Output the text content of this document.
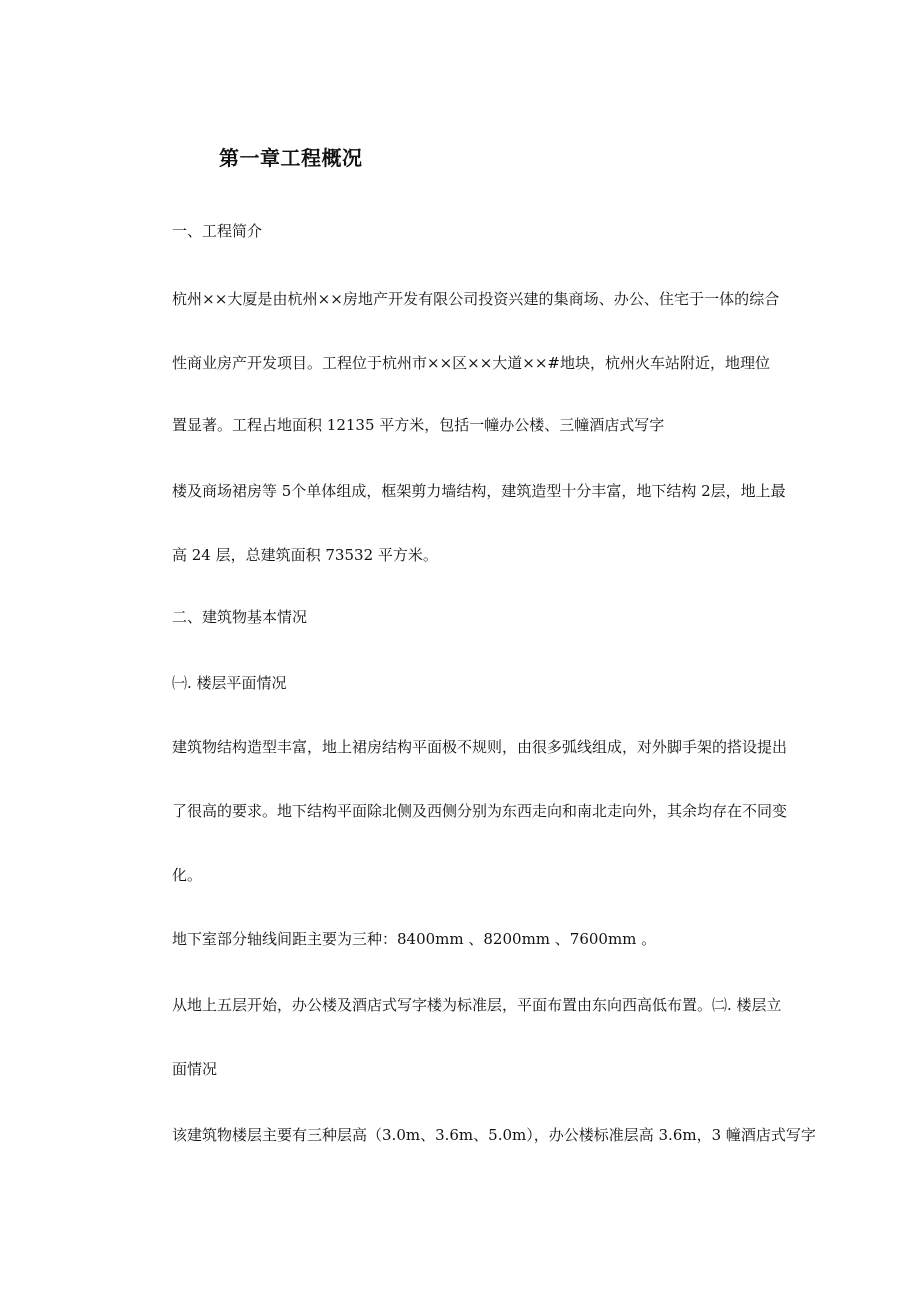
第一章工程概况
一、工程简介
杭州××大厦是由杭州××房地产开发有限公司投资兴建的集商场、办公、住宅于一体的综合
性商业房产开发项目。工程位于杭州市××区××大道××#地块，杭州火车站附近，地理位
置显著。工程占地面积 12135 平方米，包括一幢办公楼、三幢酒店式写字
楼及商场裙房等 5个单体组成，框架剪力墙结构，建筑造型十分丰富，地下结构 2层，地上最
高 24 层，总建筑面积 73532 平方米。
二、建筑物基本情况
㈠. 楼层平面情况
建筑物结构造型丰富，地上裙房结构平面极不规则，由很多弧线组成，对外脚手架的搭设提出
了很高的要求。地下结构平面除北侧及西侧分别为东西走向和南北走向外，其余均存在不同变
化。
地下室部分轴线间距主要为三种：8400mm 、8200mm 、7600mm 。
从地上五层开始，办公楼及酒店式写字楼为标准层，平面布置由东向西高低布置。㈡. 楼层立
面情况
该建筑物楼层主要有三种层高（3.0m、3.6m、5.0m），办公楼标准层高 3.6m，3 幢酒店式写字
